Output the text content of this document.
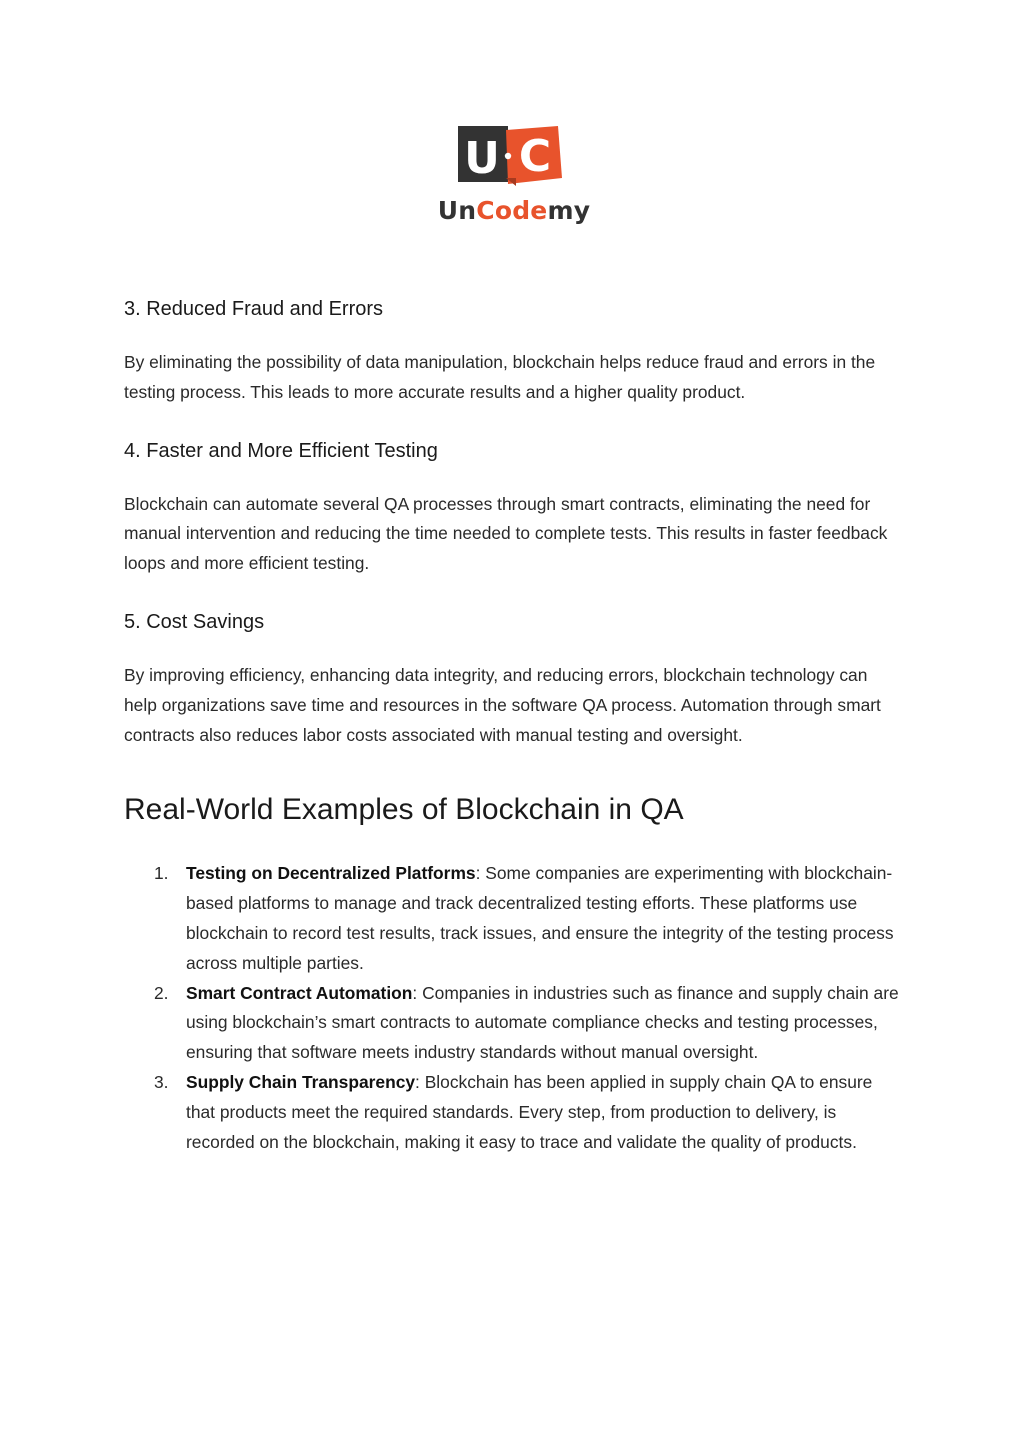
U C
UnCodemy
3. Reduced Fraud and Errors

By eliminating the possibility of data manipulation, blockchain helps reduce fraud and errors in the testing process. This leads to more accurate results and a higher quality product.

4. Faster and More Efficient Testing

Blockchain can automate several QA processes through smart contracts, eliminating the need for manual intervention and reducing the time needed to complete tests. This results in faster feedback loops and more efficient testing.

5. Cost Savings

By improving efficiency, enhancing data integrity, and reducing errors, blockchain technology can help organizations save time and resources in the software QA process. Automation through smart contracts also reduces labor costs associated with manual testing and oversight.

Real-World Examples of Blockchain in QA
1. Testing on Decentralized Platforms: Some companies are experimenting with blockchain-based platforms to manage and track decentralized testing efforts. These platforms use blockchain to record test results, track issues, and ensure the integrity of the testing process across multiple parties.
2. Smart Contract Automation: Companies in industries such as finance and supply chain are using blockchain’s smart contracts to automate compliance checks and testing processes, ensuring that software meets industry standards without manual oversight.
3. Supply Chain Transparency: Blockchain has been applied in supply chain QA to ensure that products meet the required standards. Every step, from production to delivery, is recorded on the blockchain, making it easy to trace and validate the quality of products.
